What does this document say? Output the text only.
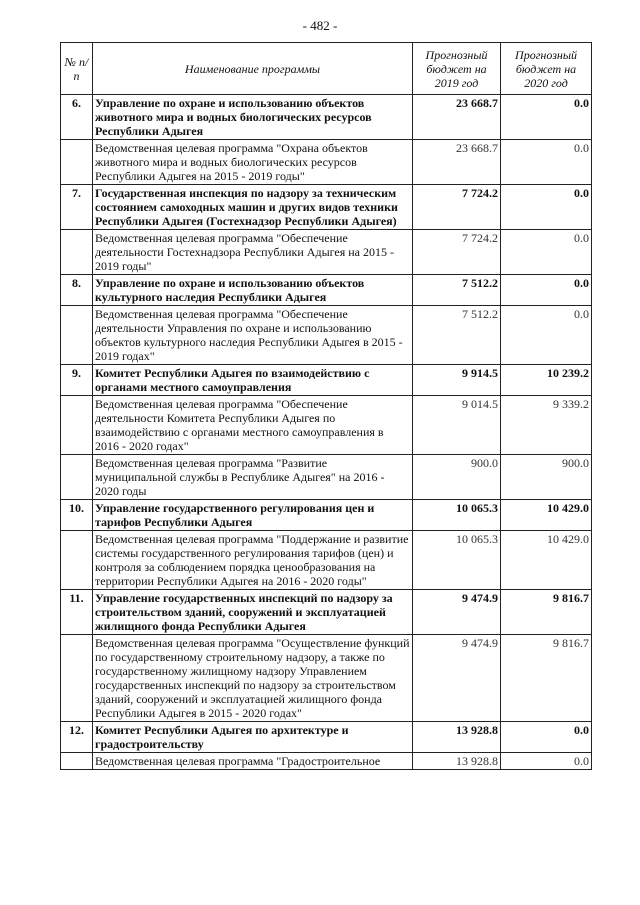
- 482 -
№ п/п	Наименование программы	Прогнозный бюджет на 2019 год	Прогнозный бюджет на 2020 год
6.	Управление по охране и использованию объектов животного мира и водных биологических ресурсов Республики Адыгея	23 668.7	0.0
	Ведомственная целевая программа "Охрана объектов животного мира и водных биологических ресурсов Республики Адыгея на 2015 - 2019 годы"	23 668.7	0.0
7.	Государственная инспекция по надзору за техническим состоянием самоходных машин и других видов техники Республики Адыгея (Гостехнадзор Республики Адыгея)	7 724.2	0.0
	Ведомственная целевая программа "Обеспечение деятельности Гостехнадзора Республики Адыгея на 2015 - 2019 годы"	7 724.2	0.0
8.	Управление по охране и использованию объектов культурного наследия Республики Адыгея	7 512.2	0.0
	Ведомственная целевая программа "Обеспечение деятельности Управления по охране и использованию объектов культурного наследия Республики Адыгея в 2015 - 2019 годах"	7 512.2	0.0
9.	Комитет Республики Адыгея по взаимодействию с органами местного самоуправления	9 914.5	10 239.2
	Ведомственная целевая программа "Обеспечение деятельности Комитета Республики Адыгея по взаимодействию с органами местного самоуправления в 2016 - 2020 годах"	9 014.5	9 339.2
	Ведомственная целевая программа "Развитие муниципальной службы в Республике Адыгея" на 2016 - 2020 годы	900.0	900.0
10.	Управление государственного регулирования цен и тарифов Республики Адыгея	10 065.3	10 429.0
	Ведомственная целевая программа "Поддержание и развитие системы государственного регулирования тарифов (цен) и контроля за соблюдением порядка ценообразования на территории Республики Адыгея на 2016 - 2020 годы"	10 065.3	10 429.0
11.	Управление государственных инспекций по надзору за строительством зданий, сооружений и эксплуатацией жилищного фонда Республики Адыгея	9 474.9	9 816.7
	Ведомственная целевая программа "Осуществление функций по государственному строительному надзору, а также по государственному жилищному надзору Управлением государственных инспекций по надзору за строительством зданий, сооружений и эксплуатацией жилищного фонда Республики Адыгея в 2015 - 2020 годах"	9 474.9	9 816.7
12.	Комитет Республики Адыгея по архитектуре и градостроительству	13 928.8	0.0
	Ведомственная целевая программа "Градостроительное	13 928.8	0.0
